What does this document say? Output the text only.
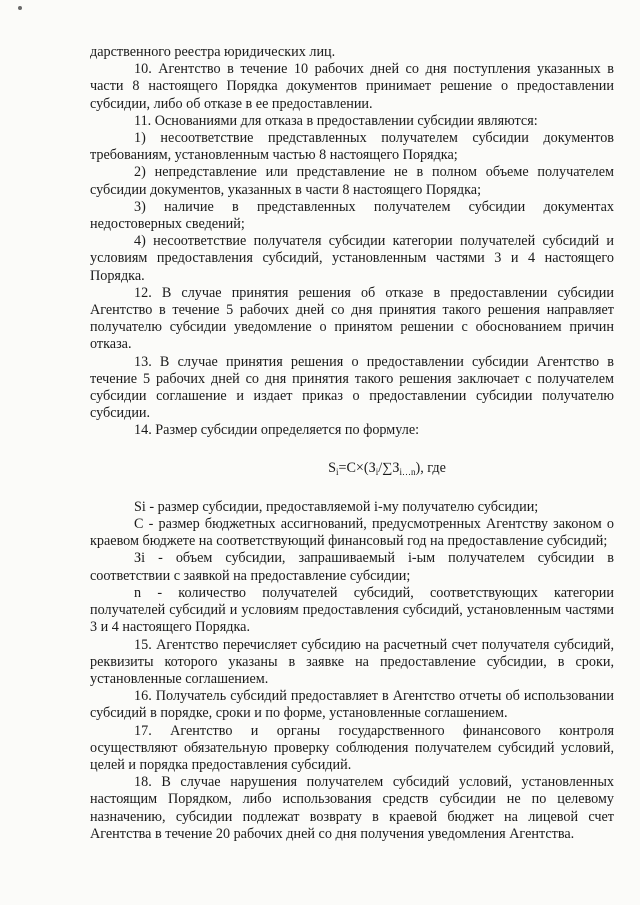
дарственного реестра юридических лиц.

10. Агентство в течение 10 рабочих дней со дня поступления указанных в части 8 настоящего Порядка документов принимает решение о предоставлении субсидии, либо об отказе в ее предоставлении.

11. Основаниями для отказа в предоставлении субсидии являются:

1) несоответствие представленных получателем субсидии документов требованиям, установленным частью 8 настоящего Порядка;

2) непредставление или представление не в полном объеме получателем субсидии документов, указанных в части 8 настоящего Порядка;

3) наличие в представленных получателем субсидии документах недостоверных сведений;

4) несоответствие получателя субсидии категории получателей субсидий и условиям предоставления субсидий, установленным частями 3 и 4 настоящего Порядка.

12. В случае принятия решения об отказе в предоставлении субсидии Агентство в течение 5 рабочих дней со дня принятия такого решения направляет получателю субсидии уведомление о принятом решении с обоснованием причин отказа.

13. В случае принятия решения о предоставлении субсидии Агентство в течение 5 рабочих дней со дня принятия такого решения заключает с получателем субсидии соглашение и издает приказ о предоставлении субсидии получателю субсидии.

14. Размер субсидии определяется по формуле:

$S_i=C\times(З_i/\sum З_{i\dots n})$, где

Si - размер субсидии, предоставляемой i-му получателю субсидии;

С - размер бюджетных ассигнований, предусмотренных Агентству законом о краевом бюджете на соответствующий финансовый год на предоставление субсидий;

Зi - объем субсидии, запрашиваемый i-ым получателем субсидии в соответствии с заявкой на предоставление субсидии;

n - количество получателей субсидий, соответствующих категории получателей субсидий и условиям предоставления субсидий, установленным частями 3 и 4 настоящего Порядка.

15. Агентство перечисляет субсидию на расчетный счет получателя субсидий, реквизиты которого указаны в заявке на предоставление субсидии, в сроки, установленные соглашением.

16. Получатель субсидий предоставляет в Агентство отчеты об использовании субсидий в порядке, сроки и по форме, установленные соглашением.

17. Агентство и органы государственного финансового контроля осуществляют обязательную проверку соблюдения получателем субсидий условий, целей и порядка предоставления субсидий.

18. В случае нарушения получателем субсидий условий, установленных настоящим Порядком, либо использования средств субсидии не по целевому назначению, субсидии подлежат возврату в краевой бюджет на лицевой счет Агентства в течение 20 рабочих дней со дня получения уведомления Агентства.
